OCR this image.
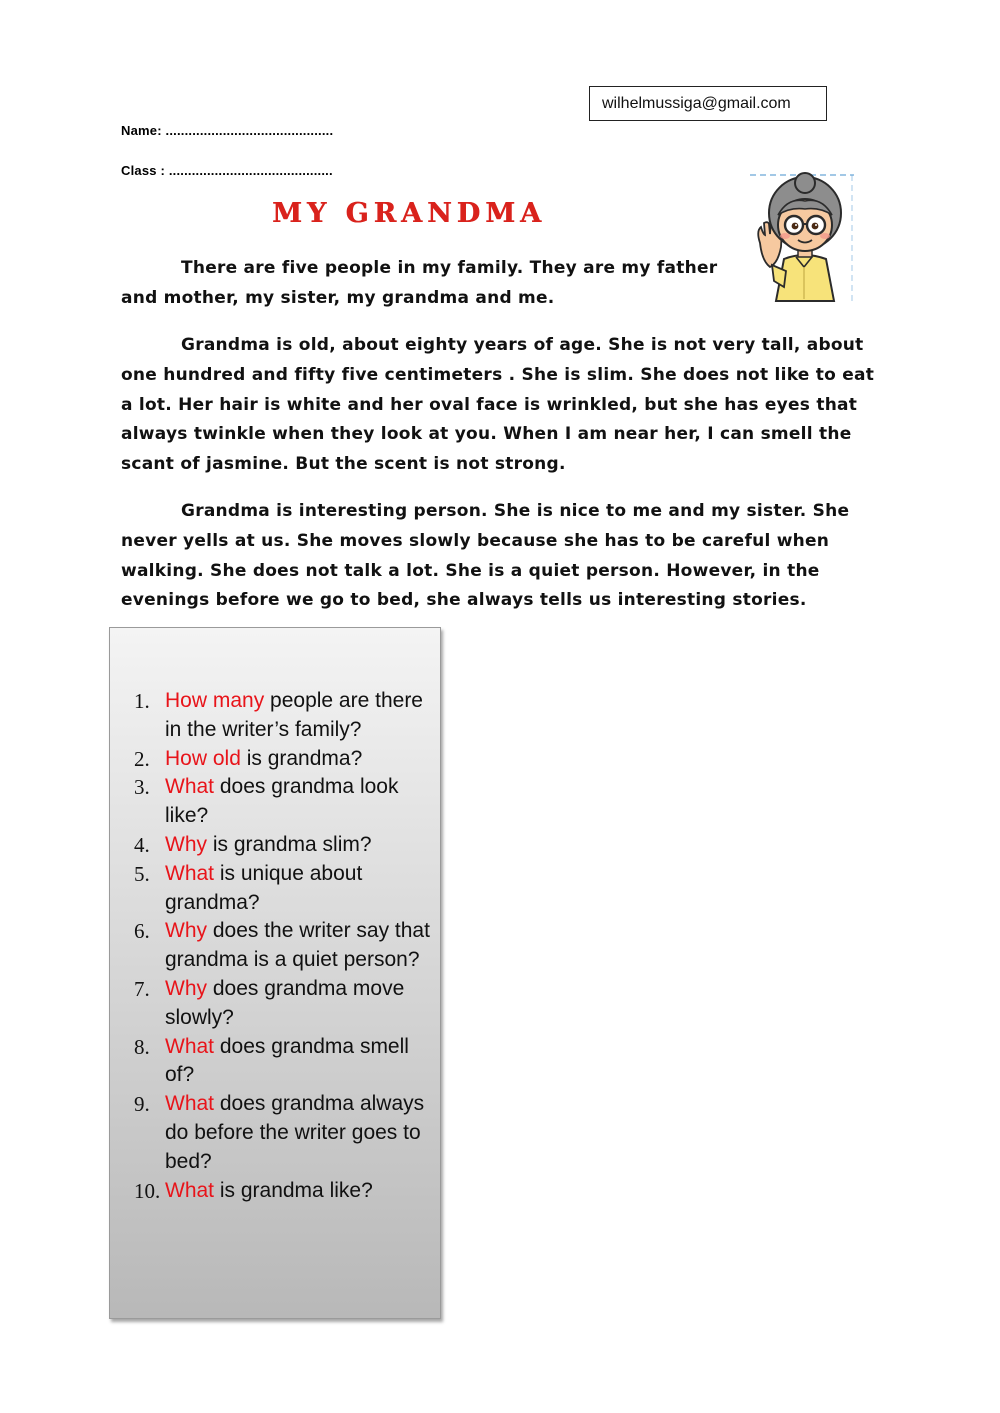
wilhelmussiga@gmail.com
Name: ............................................
Class : ...........................................
MY GRANDMA

There are five people in my family. They are my father and mother, my sister, my grandma and me.

Grandma is old, about eighty years of age. She is not very tall, about one hundred and fifty five centimeters . She is slim. She does not like to eat a lot. Her hair is white and her oval face is wrinkled, but she has eyes that always twinkle when they look at you. When I am near her, I can smell the scant of jasmine. But the scent is not strong.

Grandma is interesting person. She is nice to me and my sister. She never yells at us. She moves slowly because she has to be careful when walking. She does not talk a lot. She is a quiet person. However, in the evenings before we go to bed, she always tells us interesting stories.

1. How many people are there in the writer’s family?
2. How old is grandma?
3. What does grandma look like?
4. Why is grandma slim?
5. What is unique about grandma?
6. Why does the writer say that grandma is a quiet person?
7. Why does grandma move slowly?
8. What does grandma smell of?
9. What does grandma always do before the writer goes to bed?
10. What is grandma like?
